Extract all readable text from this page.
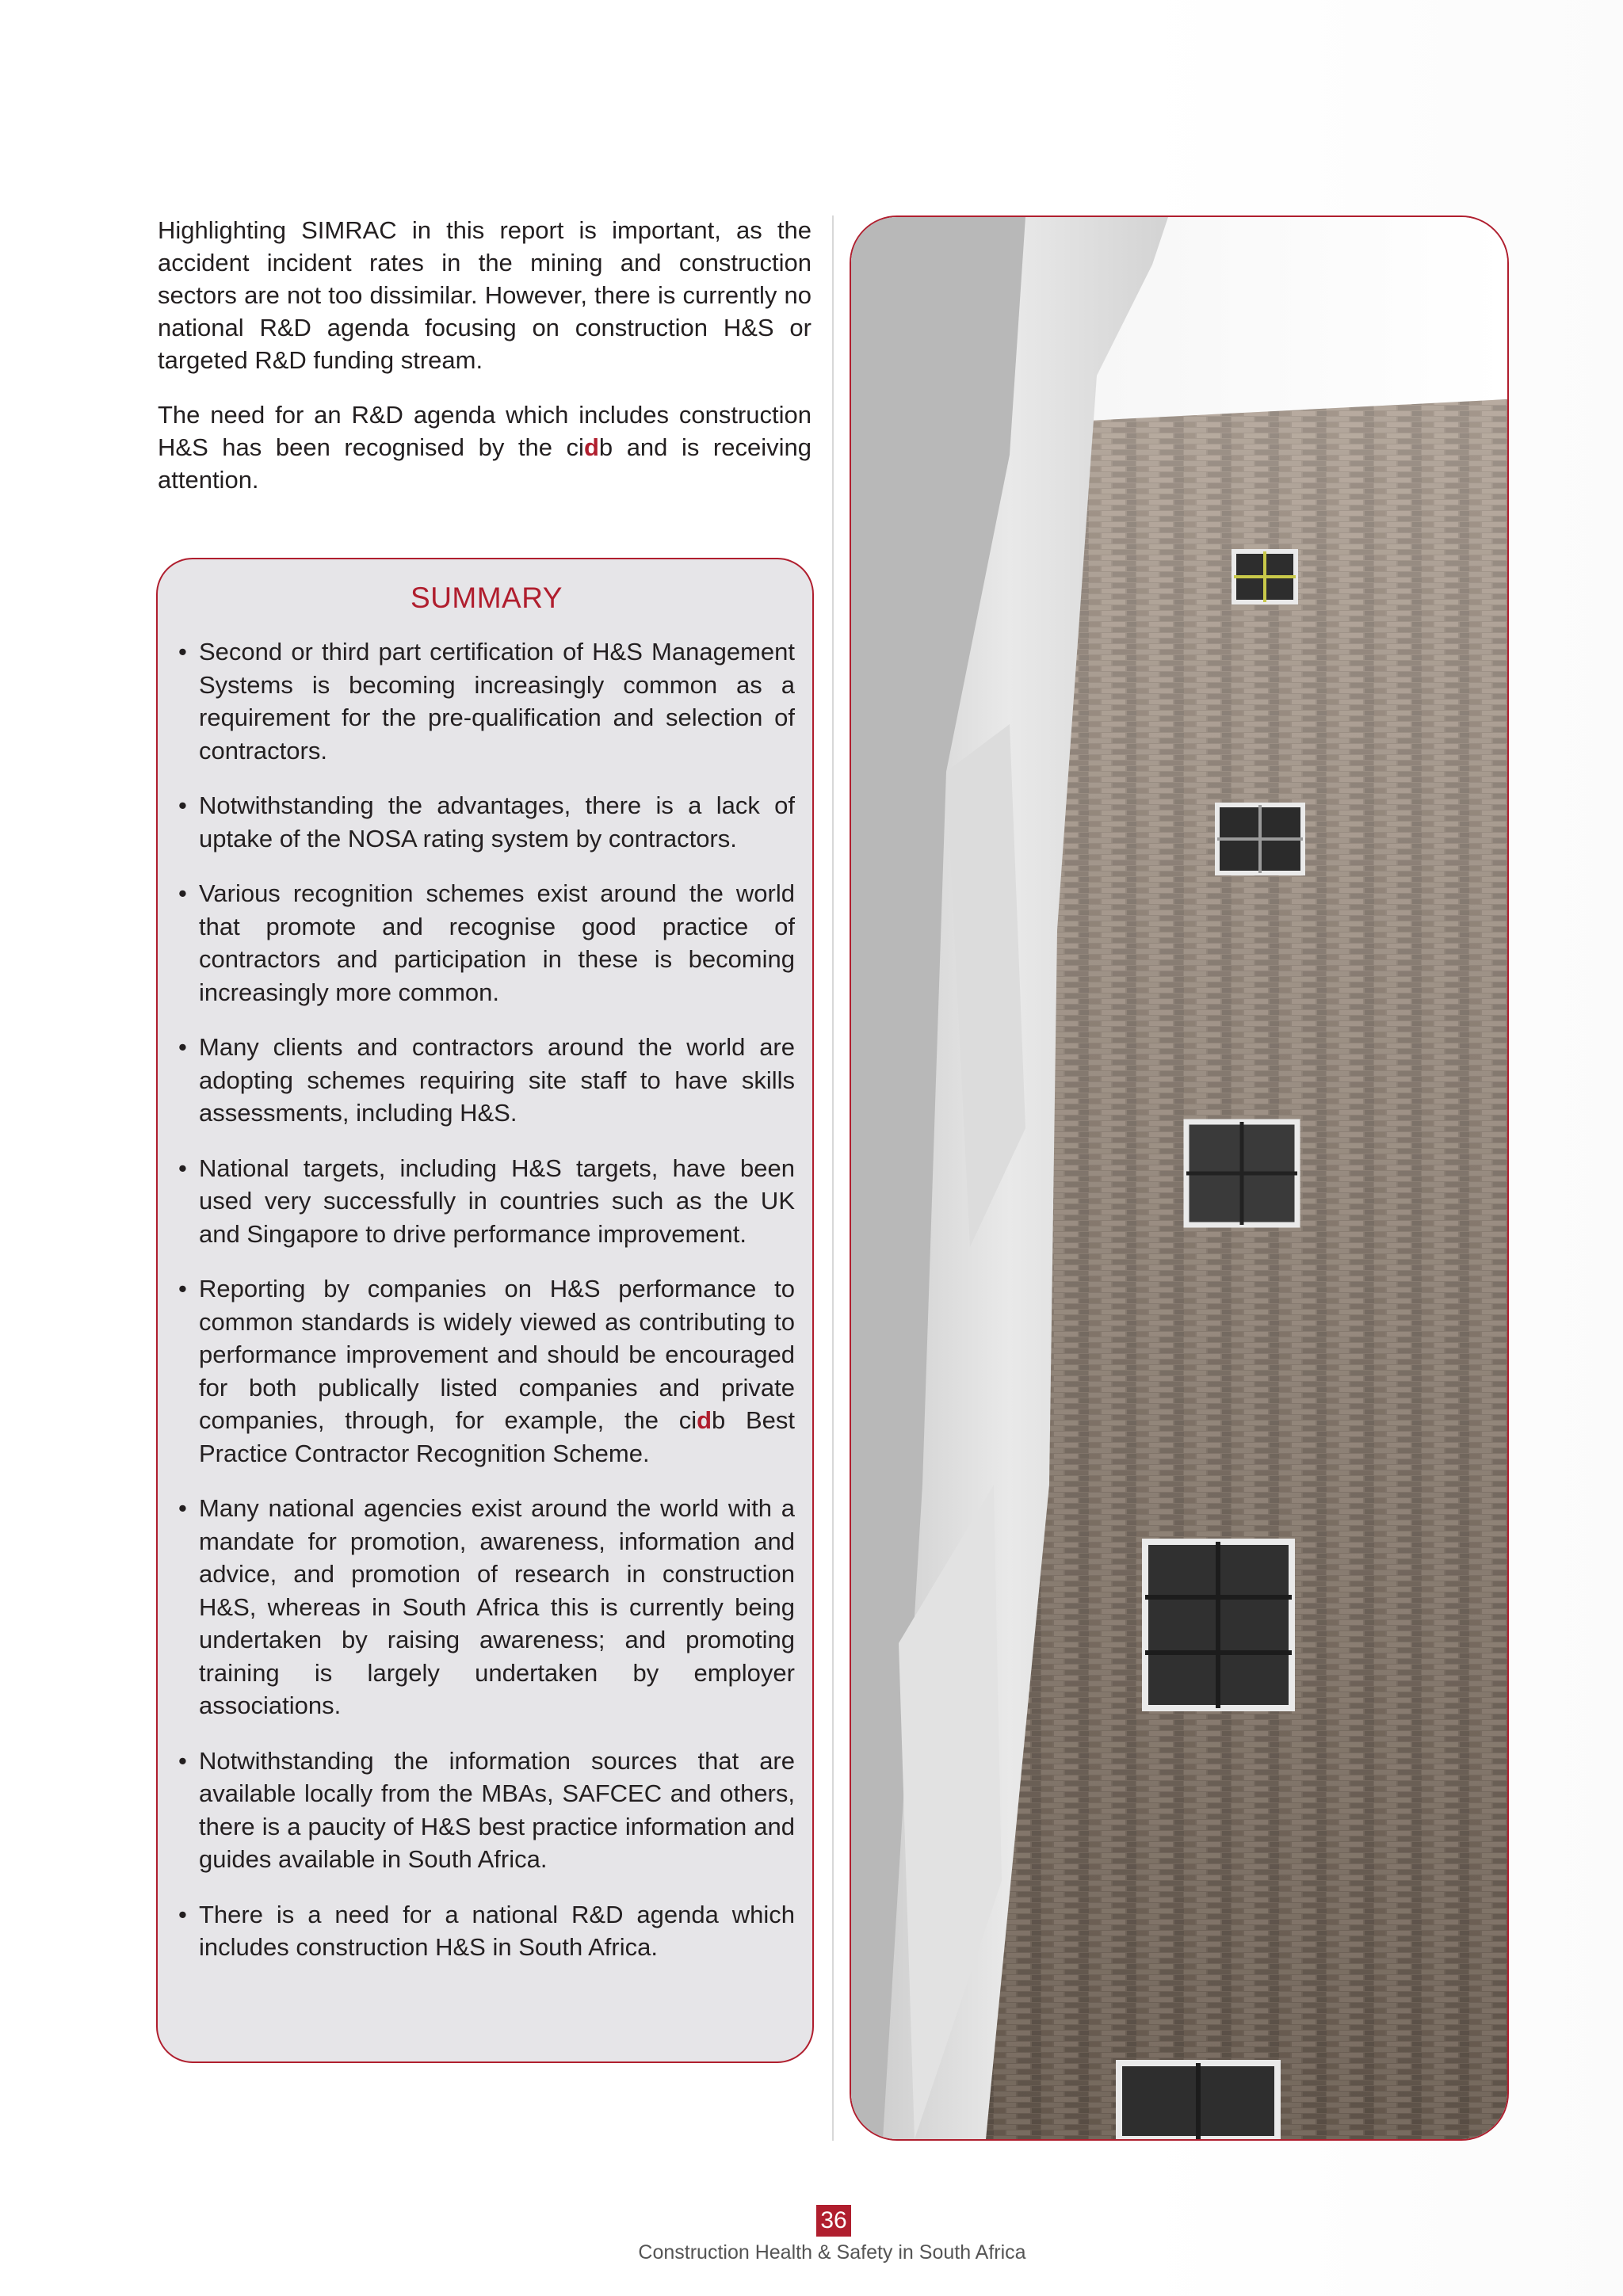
Highlighting SIMRAC in this report is important, as the accident incident rates in the mining and construction sectors are not too dissimilar. However, there is currently no national R&D agenda focusing on construction H&S or targeted R&D funding stream.

The need for an R&D agenda which includes construction H&S has been recognised by the cidb and is receiving attention.

SUMMARY
• Second or third part certification of H&S Management Systems is becoming increasingly common as a requirement for the pre-qualification and selection of contractors.
• Notwithstanding the advantages, there is a lack of uptake of the NOSA rating system by contractors.
• Various recognition schemes exist around the world that promote and recognise good practice of contractors and participation in these is becoming increasingly more common.
• Many clients and contractors around the world are adopting schemes requiring site staff to have skills assessments, including H&S.
• National targets, including H&S targets, have been used very successfully in countries such as the UK and Singapore to drive performance improvement.
• Reporting by companies on H&S performance to common standards is widely viewed as contributing to performance improvement and should be encouraged for both publically listed companies and private companies, through, for example, the cidb Best Practice Contractor Recognition Scheme.
• Many national agencies exist around the world with a mandate for promotion, awareness, information and advice, and promotion of research in construction H&S, whereas in South Africa this is currently being undertaken by raising awareness; and promoting training is largely undertaken by employer associations.
• Notwithstanding the information sources that are available locally from the MBAs, SAFCEC and others, there is a paucity of H&S best practice information and guides available in South Africa.
• There is a need for a national R&D agenda which includes construction H&S in South Africa.
36
Construction Health & Safety in South Africa
